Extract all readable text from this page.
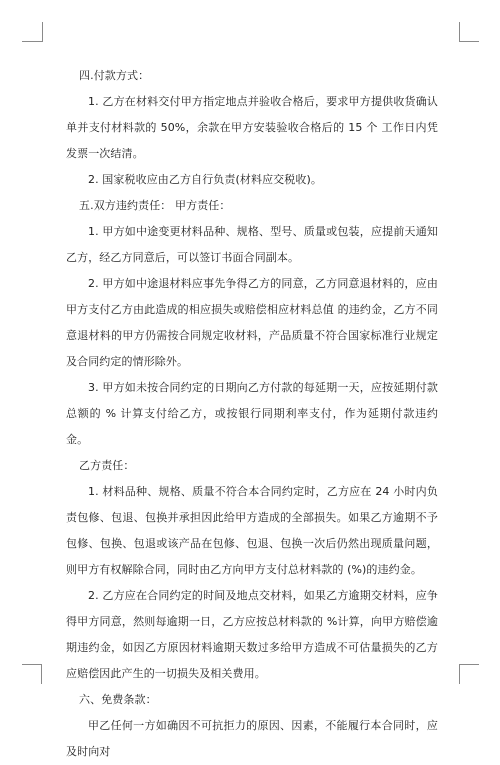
四.付款方式：

1. 乙方在材料交付甲方指定地点并验收合格后，要求甲方提供收货确认单并支付材料款的 50%，余款在甲方安装验收合格后的 15 个 工作日内凭发票一次结清。

2. 国家税收应由乙方自行负责(材料应交税收)。

五.双方违约责任： 甲方责任：

1. 甲方如中途变更材料品种、规格、型号、质量或包装，应提前天通知乙方，经乙方同意后，可以签订书面合同副本。

2. 甲方如中途退材料应事先争得乙方的同意，乙方同意退材料的，应由甲方支付乙方由此造成的相应损失或赔偿相应材料总值 的违约金，乙方不同意退材料的甲方仍需按合同规定收材料，产品质量不符合国家标准行业规定及合同约定的情形除外。

3. 甲方如未按合同约定的日期向乙方付款的每延期一天，应按延期付款总额的 % 计算支付给乙方，或按银行同期利率支付，作为延期付款违约金。

乙方责任：

1. 材料品种、规格、质量不符合本合同约定时，乙方应在 24 小时内负责包修、包退、包换并承担因此给甲方造成的全部损失。如果乙方逾期不予包修、包换、包退或该产品在包修、包退、包换一次后仍然出现质量问题，则甲方有权解除合同，同时由乙方向甲方支付总材料款的 (%)的违约金。

2. 乙方应在合同约定的时间及地点交材料，如果乙方逾期交材料，应争得甲方同意，然则每逾期一日，乙方应按总材料款的 %计算，向甲方赔偿逾期违约金，如因乙方原因材料逾期天数过多给甲方造成不可估量损失的乙方应赔偿因此产生的一切损失及相关费用。

六、免费条款：

甲乙任何一方如确因不可抗拒力的原因、因素，不能履行本合同时，应及时向对
